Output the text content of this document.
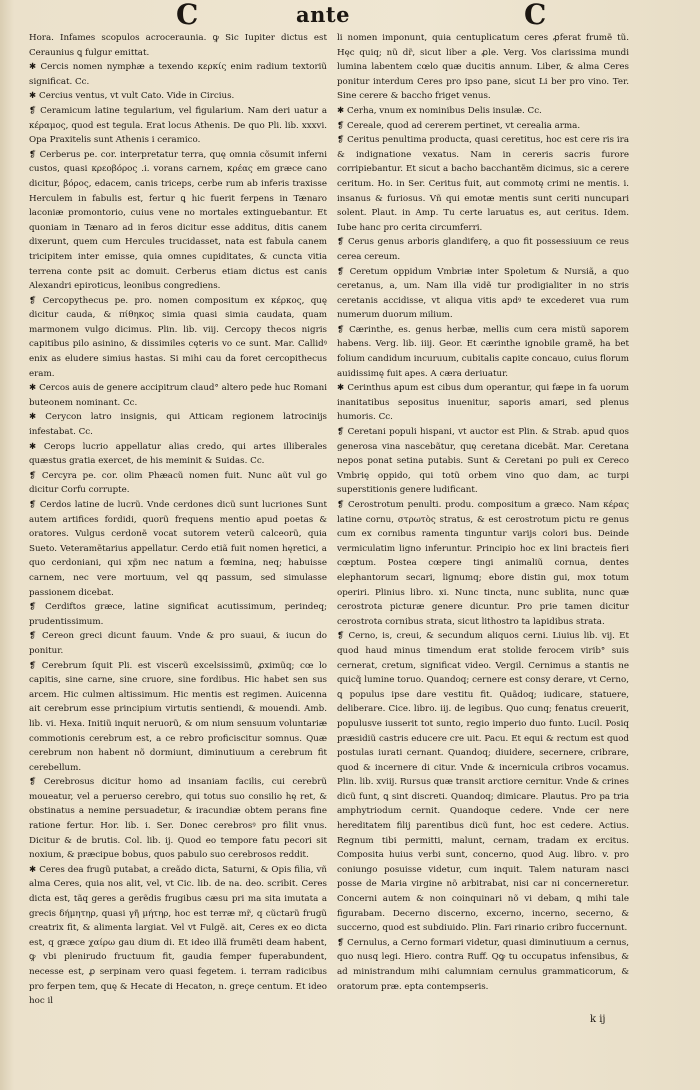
C	ante	C

Hora. Infames scopulos acroceraunia. ꝙ Sic Iupiter dictus est Ceraunius ꝗ fulgur emittat.

✱ Cercis nomen nymphæ a texendo κερκίς enim radium textoriũ significat. Cc.

✱ Cercius ventus, vt vult Cato. Vide in Circius.

❡ Ceramicum latine tegularium, vel figularium. Nam deri uatur a κέραμος, quod est tegula. Erat locus Athenis. De quo Pli. lib. xxxvi. Opa Praxitelis sunt Athenis i ceramico.

❡ Cerberus pe. cor. interpretatur terra, quę omnia cõsumit inferni custos, quasi κρεοβόρος .i. vorans carnem, κρέας em græce cano dicitur, βόρος, edacem, canis triceps, cerbe rum ab inferis traxisse Herculem in fabulis est, fertur ꝗ hic fuerit ferpens in Tænaro laconiæ promontorio, cuius vene no mortales extinguebantur. Et quoniam in Tænaro ad in feros dicitur esse additus, ditis canem dixerunt, quem cum Hercules trucidasset, nata est fabula canem tricipitem inter emisse, quia omnes cupiditates, & cuncta vitia terrena conte psit ac domuit. Cerberus etiam dictus est canis Alexandri epiroticus, leonibus congrediens.

❡ Cercopythecus pe. pro. nomen compositum ex κέρκος, quę dicitur cauda, & πίθηκος simia quasi simia caudata, quam marmonem vulgo dicimus. Plin. lib. viij. Cercopy thecos nigris capitibus pilo asinino, & dissimiles cęteris vo ce sunt. Mar. Callidꝰ enix as eludere simius hastas. Si mihi cau da foret cercopithecus eram.

✱ Cercos auis de genere accipitrum claud° altero pede huc Romani buteonem nominant. Cc.

✱ Cerycon latro insignis, qui Atticam regionem latrocinijs infestabat. Cc.

✱ Cerops lucrio appellatur alias credo, qui artes illiberales quæstus gratia exercet, de his meminit & Suidas. Cc.

❡ Cercyra pe. cor. olim Phæacũ nomen fuit. Nunc aũt vul go dicitur Corfu corrupte.

❡ Cerdos latine de lucrũ. Vnde cerdones dicũ sunt lucriones Sunt autem artifices fordidi, quorũ frequens mentio apud poetas & oratores. Vulgus cerdonẽ vocat sutorem veterũ calceorũ, quia Sueto. Veteramẽtarius appellatur. Cerdo etiã fuit nomen hęretici, a quo cerdoniani, qui xp̃m nec natum a fœmina, neq; habuisse carnem, nec vere mortuum, vel ꝗq passum, sed simulasse passionem dicebat.

❡ Cerdiftos græce, latine significat acutissimum, perindeq; prudentissimum.

❡ Cereon greci dicunt fauum. Vnde & pro suaui, & iucun do ponitur.

❡ Cerebrum ſquit Pli. est viscerũ excelsissimũ, ꝓximũq; cœ lo capitis, sine carne, sine cruore, sine fordibus. Hic habet sen sus arcem. Hic culmen altissimum. Hic mentis est regimen. Auicenna ait cerebrum esse principium virtutis sentiendi, & mouendi. Amb. lib. vi. Hexa. Initiũ inquit neruorũ, & om nium sensuum voluntariæ commotionis cerebrum est, a ce rebro proficiscitur somnus. Quæ cerebrum non habent nõ dormiunt, diminutiuum a cerebrum fit cerebellum.

❡ Cerebrosus dicitur homo ad insaniam facilis, cui cerebrũ moueatur, vel a peruerso cerebro, qui totus suo consilio hę ret, & obstinatus a nemine persuadetur, & iracundiæ obtem perans fine ratione fertur. Hor. lib. i. Ser. Donec cerebrosꝰ pro filit vnus. Dicitur & de brutis. Col. lib. ij. Quod eo tempore fatu pecori sit noxium, & præcipue bobus, quos pabulo suo cerebrosos reddit.

✱ Ceres dea frugũ putabat, a creãdo dicta, Saturni, & Opis filia, vñ alma Ceres, quia nos alit, vel, vt Cic. lib. de na. deo. scribit. Ceres dicta est, tãq geres a gerẽdis frugibus cæsu pri ma sita imutata a grecis δήμητηρ, quasi γῆ μήτηρ, hoc est terræ mr̃, q cũctarũ frugũ creatrix fit, & alimenta largiat. Vel vt Fulgẽ. ait, Ceres ex eo dicta est, q græce χαίρω gau dium di. Et ideo illã frumẽti deam habent, ꝙ vbi plenirudo fructuum fit, gaudia femper fuperabundent, necesse est, ꝓ serpinam vero quasi fegetem. i. terram radicibus pro ferpen tem, quę & Hecate di Hecaton, n. greçe centum. Et ideo hoc il

li nomen imponunt, quia centuplicatum ceres ꝓferat frumẽ tũ. Hęc quiq; nũ dr̃, sicut liber a ꝓle. Verg. Vos clarissima mundi lumina labentem cœlo quæ ducitis annum. Liber, & alma Ceres ponitur interdum Ceres pro ipso pane, sicut Li ber pro vino. Ter. Sine cerere & baccho friget venus.

✱ Cerha, vnum ex nominibus Delis insulæ. Cc.

❡ Cereale, quod ad cererem pertinet, vt cerealia arma.

❡ Ceritus penultima producta, quasi ceretitus, hoc est cere ris ira & indignatione vexatus. Nam in cereris sacris furore corripiebantur. Et sicut a bacho bacchantẽm dicimus, sic a cerere ceritum. Ho. in Ser. Ceritus fuit, aut commotę crimi ne mentis. i. insanus & furiosus. Vñ qui emotæ mentis sunt ceriti nuncupari solent. Plaut. in Amp. Tu certe laruatus es, aut ceritus. Idem. Iube hanc pro cerita circumferri.

❡ Cerus genus arboris glandiferę, a quo fit possessiuum ce reus cerea cereum.

❡ Ceretum oppidum Vmbriæ inter Spoletum & Nursiã, a quo ceretanus, a, um. Nam illa vidẽ tur prodigialiter in no stris ceretanis accidisse, vt aliqua vitis apdꝰ te excederet vua rum numerum duorum milium.

❡ Cærinthe, es. genus herbæ, mellis cum cera mistũ saporem habens. Verg. lib. iiij. Geor. Et cærinthe ignobile gramẽ, ha bet folium candidum incuruum, cubitalis capite concauo, cuius florum auidissimę fuit apes. A cæra deriuatur.

✱ Cerinthus apum est cibus dum operantur, qui fæpe in fa uorum inanitatibus sepositus inuenitur, saporis amari, sed plenus humoris. Cc.

❡ Ceretani populi hispani, vt auctor est Plin. & Strab. apud quos generosa vina nascebãtur, quę ceretana dicebãt. Mar. Ceretana nepos ponat setina putabis. Sunt & Ceretani po puli ex Cereco Vmbrię oppido, qui totũ orbem vino quo dam, ac turpi superstitionis genere ludificant.

❡ Cerostrotum penulti. produ. compositum a græco. Nam κέρας latine cornu, στρωτὸς stratus, & est cerostrotum pictu re genus cum ex cornibus ramenta tinguntur varijs colori bus. Deinde vermiculatim ligno inferuntur. Principio hoc ex lini bracteis fieri cœptum. Postea cœpere tingi animaliũ cornua, dentes elephantorum secari, lignumq; ebore distin gui, mox totum operiri. Plinius libro. xi. Nunc tincta, nunc sublita, nunc quæ cerostrota picturæ genere dicuntur. Pro prie tamen dicitur cerostrota cornibus strata, sicut lithostro ta lapidibus strata.

❡ Cerno, is, creui, & secundum aliquos cerni. Liuius lib. vij. Et quod haud minus timendum erat stolide ferocem virib° suis cernerat, cretum, significat video. Vergil. Cernimus a stantis ne quicq̃ lumine toruo. Quandoq; cernere est consy derare, vt Cerno, ꝗ populus ipse dare vestitu fit. Quãdoq; iudicare, statuere, deliberare. Cice. libro. iij. de legibus. Quo cunq; fenatus creuerit, populusve iusserit tot sunto, regio imperio duo funto. Lucil. Posiq præsidiũ castris educere cre uit. Pacu. Et equi & rectum est quod postulas iurati cernant. Quandoq; diuidere, secernere, cribrare, quod & incernere di citur. Vnde & incernicula cribros vocamus. Plin. lib. xviij. Rursus quæ transit arctiore cernitur. Vnde & crines dicũ funt, ꝗ sint discreti. Quandoq; dimicare. Plautus. Pro pa tria amphytriodum cernit. Quandoque cedere. Vnde cer nere hereditatem filij parentibus dicũ funt, hoc est cedere. Actius. Regnum tibi permitti, malunt, cernam, tradam ex ercitus. Composita huius verbi sunt, concerno, quod Aug. libro. v. pro coniungo posuisse videtur, cum inquit. Talem naturam nasci posse de Maria virgine nõ arbitrabat, nisi car ni concerneretur. Concerni autem & non coinquinari nõ vi debam, ꝗ mihi tale figurabam. Decerno discerno, excerno, incerno, secerno, & succerno, quod est subdiuido. Plin. Fari rinario cribro fuccernunt.

❡ Cernulus, a Cerno formari videtur, quasi diminutiuum a cernus, quo nusq legi. Hiero. contra Ruff. Qꝙ tu occupatus infensibus, & ad ministrandum mihi calumniam cernulus grammaticorum, & oratorum præ. epta contempseris.

k ij
